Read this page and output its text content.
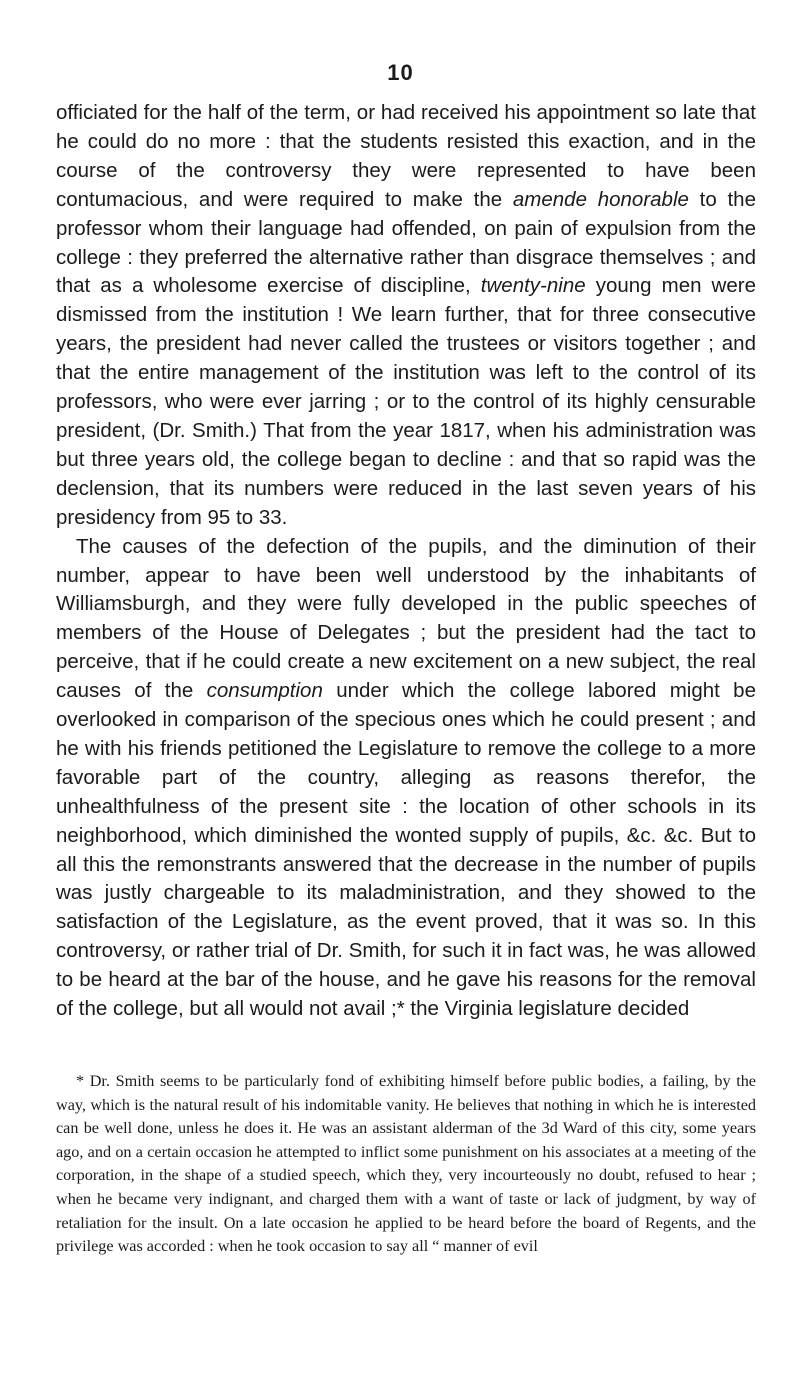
10

officiated for the half of the term, or had received his appointment so late that he could do no more : that the students resisted this exaction, and in the course of the controversy they were represented to have been contumacious, and were required to make the amende honorable to the professor whom their language had offended, on pain of expulsion from the college : they preferred the alternative rather than disgrace themselves ; and that as a wholesome exercise of discipline, twenty-nine young men were dismissed from the institution ! We learn further, that for three consecutive years, the president had never called the trustees or visitors together ; and that the entire management of the institution was left to the control of its professors, who were ever jarring ; or to the control of its highly censurable president, (Dr. Smith.) That from the year 1817, when his administration was but three years old, the college began to decline : and that so rapid was the declension, that its numbers were reduced in the last seven years of his presidency from 95 to 33.

The causes of the defection of the pupils, and the diminution of their number, appear to have been well understood by the inhabitants of Williamsburgh, and they were fully developed in the public speeches of members of the House of Delegates ; but the president had the tact to perceive, that if he could create a new excitement on a new subject, the real causes of the consumption under which the college labored might be overlooked in comparison of the specious ones which he could present ; and he with his friends petitioned the Legislature to remove the college to a more favorable part of the country, alleging as reasons therefor, the unhealthfulness of the present site : the location of other schools in its neighborhood, which diminished the wonted supply of pupils, &c. &c. But to all this the remonstrants answered that the decrease in the number of pupils was justly chargeable to its maladministration, and they showed to the satisfaction of the Legislature, as the event proved, that it was so. In this controversy, or rather trial of Dr. Smith, for such it in fact was, he was allowed to be heard at the bar of the house, and he gave his reasons for the removal of the college, but all would not avail ;* the Virginia legislature decided

* Dr. Smith seems to be particularly fond of exhibiting himself before public bodies, a failing, by the way, which is the natural result of his indomitable vanity. He believes that nothing in which he is interested can be well done, unless he does it. He was an assistant alderman of the 3d Ward of this city, some years ago, and on a certain occasion he attempted to inflict some punishment on his associates at a meeting of the corporation, in the shape of a studied speech, which they, very incourteously no doubt, refused to hear ; when he became very indignant, and charged them with a want of taste or lack of judgment, by way of retaliation for the insult. On a late occasion he applied to be heard before the board of Regents, and the privilege was accorded : when he took occasion to say all “ manner of evil
